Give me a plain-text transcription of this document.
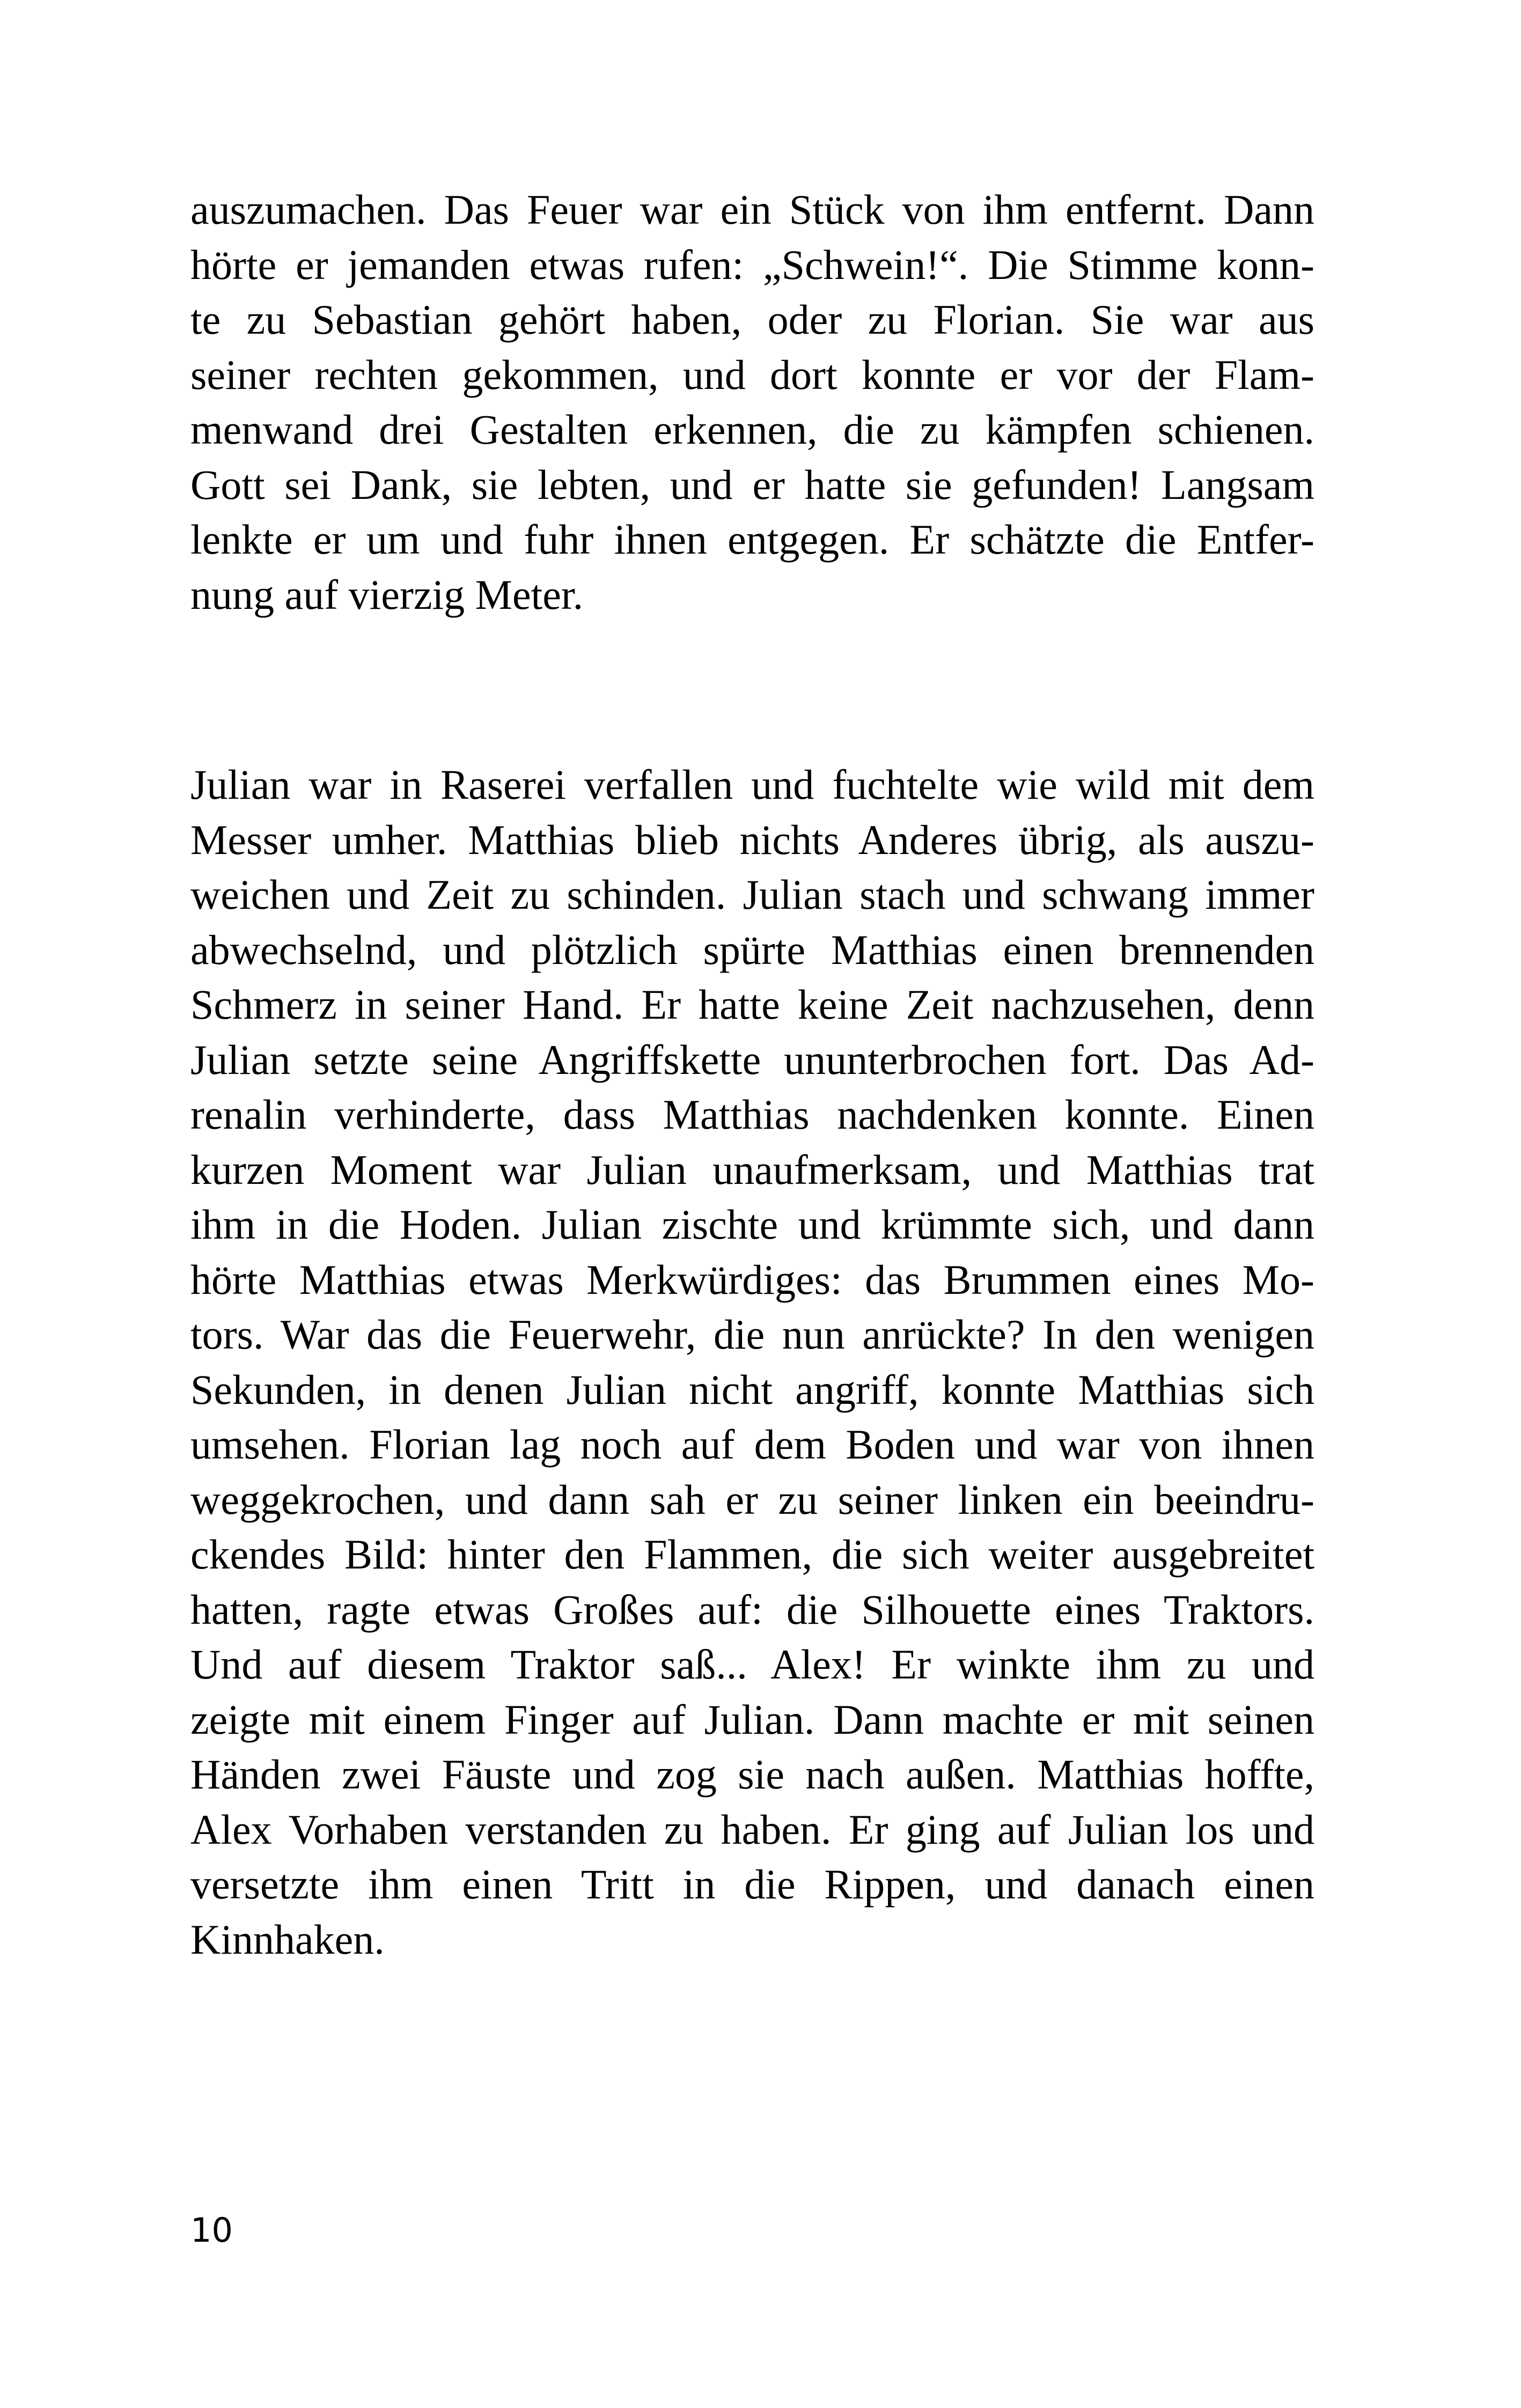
auszumachen. Das Feuer war ein Stück von ihm entfernt. Dann
hörte er jemanden etwas rufen: „Schwein!“. Die Stimme konn-
te zu Sebastian gehört haben, oder zu Florian. Sie war aus
seiner rechten gekommen, und dort konnte er vor der Flam-
menwand drei Gestalten erkennen, die zu kämpfen schienen.
Gott sei Dank, sie lebten, und er hatte sie gefunden! Langsam
lenkte er um und fuhr ihnen entgegen. Er schätzte die Entfer-
nung auf vierzig Meter.
Julian war in Raserei verfallen und fuchtelte wie wild mit dem
Messer umher. Matthias blieb nichts Anderes übrig, als auszu-
weichen und Zeit zu schinden. Julian stach und schwang immer
abwechselnd, und plötzlich spürte Matthias einen brennenden
Schmerz in seiner Hand. Er hatte keine Zeit nachzusehen, denn
Julian setzte seine Angriffskette ununterbrochen fort. Das Ad-
renalin verhinderte, dass Matthias nachdenken konnte. Einen
kurzen Moment war Julian unaufmerksam, und Matthias trat
ihm in die Hoden. Julian zischte und krümmte sich, und dann
hörte Matthias etwas Merkwürdiges: das Brummen eines Mo-
tors. War das die Feuerwehr, die nun anrückte? In den wenigen
Sekunden, in denen Julian nicht angriff, konnte Matthias sich
umsehen. Florian lag noch auf dem Boden und war von ihnen
weggekrochen, und dann sah er zu seiner linken ein beeindru-
ckendes Bild: hinter den Flammen, die sich weiter ausgebreitet
hatten, ragte etwas Großes auf: die Silhouette eines Traktors.
Und auf diesem Traktor saß... Alex! Er winkte ihm zu und
zeigte mit einem Finger auf Julian. Dann machte er mit seinen
Händen zwei Fäuste und zog sie nach außen. Matthias hoffte,
Alex Vorhaben verstanden zu haben. Er ging auf Julian los und
versetzte ihm einen Tritt in die Rippen, und danach einen
Kinnhaken.
10
